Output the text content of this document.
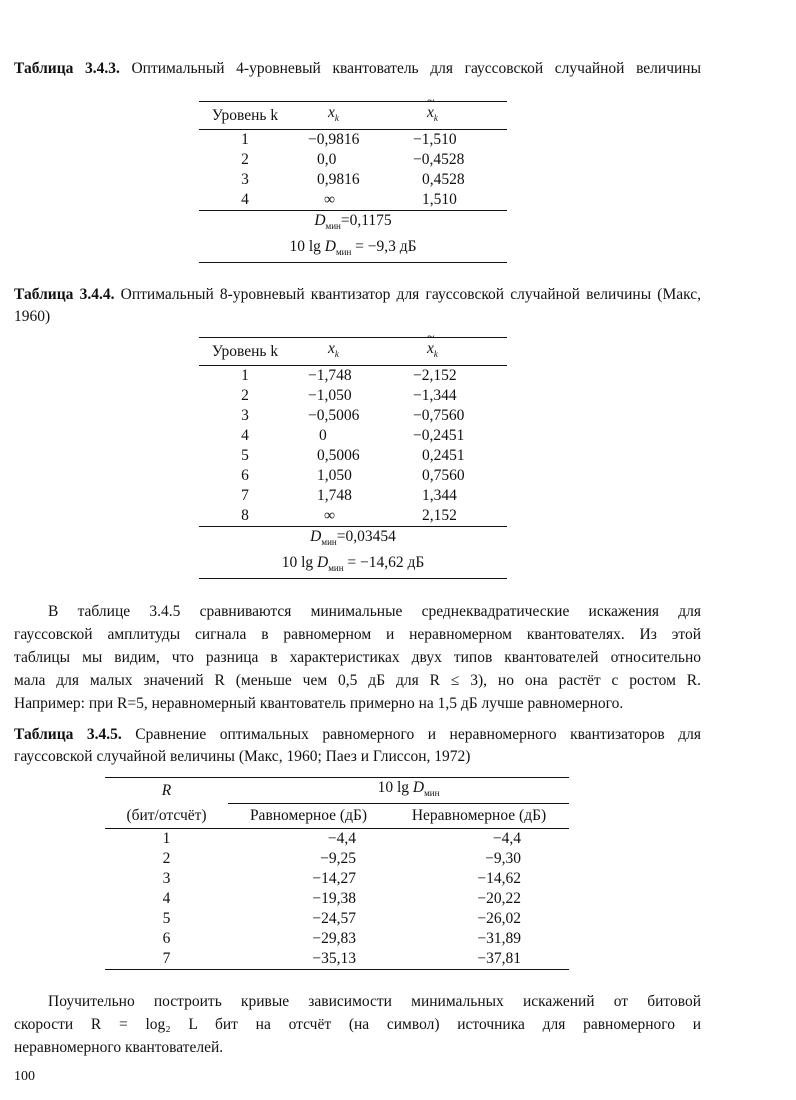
Таблица 3.4.3. Оптимальный 4-уровневый квантователь для гауссовской случайной величины
Уровень k	$x_k$	~ $x_k$
1	−0,9816	−1,510
2	0,0	−0,4528
3	0,9816	0,4528
4	∞	1,510
$D_{мин}=0,1175$		
10 $\lg D_{мин} = -9,3$ дБ		
Таблица 3.4.4. Оптимальный 8-уровневый квантизатор для гауссовской случайной величины (Макс, 1960)
Уровень k	$x_k$	~ $x_k$
1	−1,748	−2,152
2	−1,050	−1,344
3	−0,5006	−0,7560
4	0	−0,2451
5	0,5006	0,2451
6	1,050	0,7560
7	1,748	1,344
8	∞	2,152
$D_{мин}=0,03454$		
10 $\lg D_{мин} = -14,62$ дБ		
В таблице 3.4.5 сравниваются минимальные среднеквадратические искажения для
гауссовской амплитуды сигнала в равномерном и неравномерном квантователях. Из этой
таблицы мы видим, что разница в характеристиках двух типов квантователей относительно
мала для малых значений R (меньше чем 0,5 дБ для R ≤ 3), но она растёт с ростом R.
Например: при R=5, неравномерный квантователь примерно на 1,5 дБ лучше равномерного.
Таблица 3.4.5. Сравнение оптимальных равномерного и неравномерного квантизаторов для гауссовской случайной величины (Макс, 1960; Паез и Глиссон, 1972)
R	10 $\lg D_{мин}$
(бит/отсчёт)	Равномерное (дБ)	Неравномерное (дБ)
1	−4,4	−4,4
2	−9,25	−9,30
3	−14,27	−14,62
4	−19,38	−20,22
5	−24,57	−26,02
6	−29,83	−31,89
7	−35,13	−37,81
Поучительно построить кривые зависимости минимальных искажений от битовой
скорости R = log₂ L бит на отсчёт (на символ) источника для равномерного и
неравномерного квантователей.
100
